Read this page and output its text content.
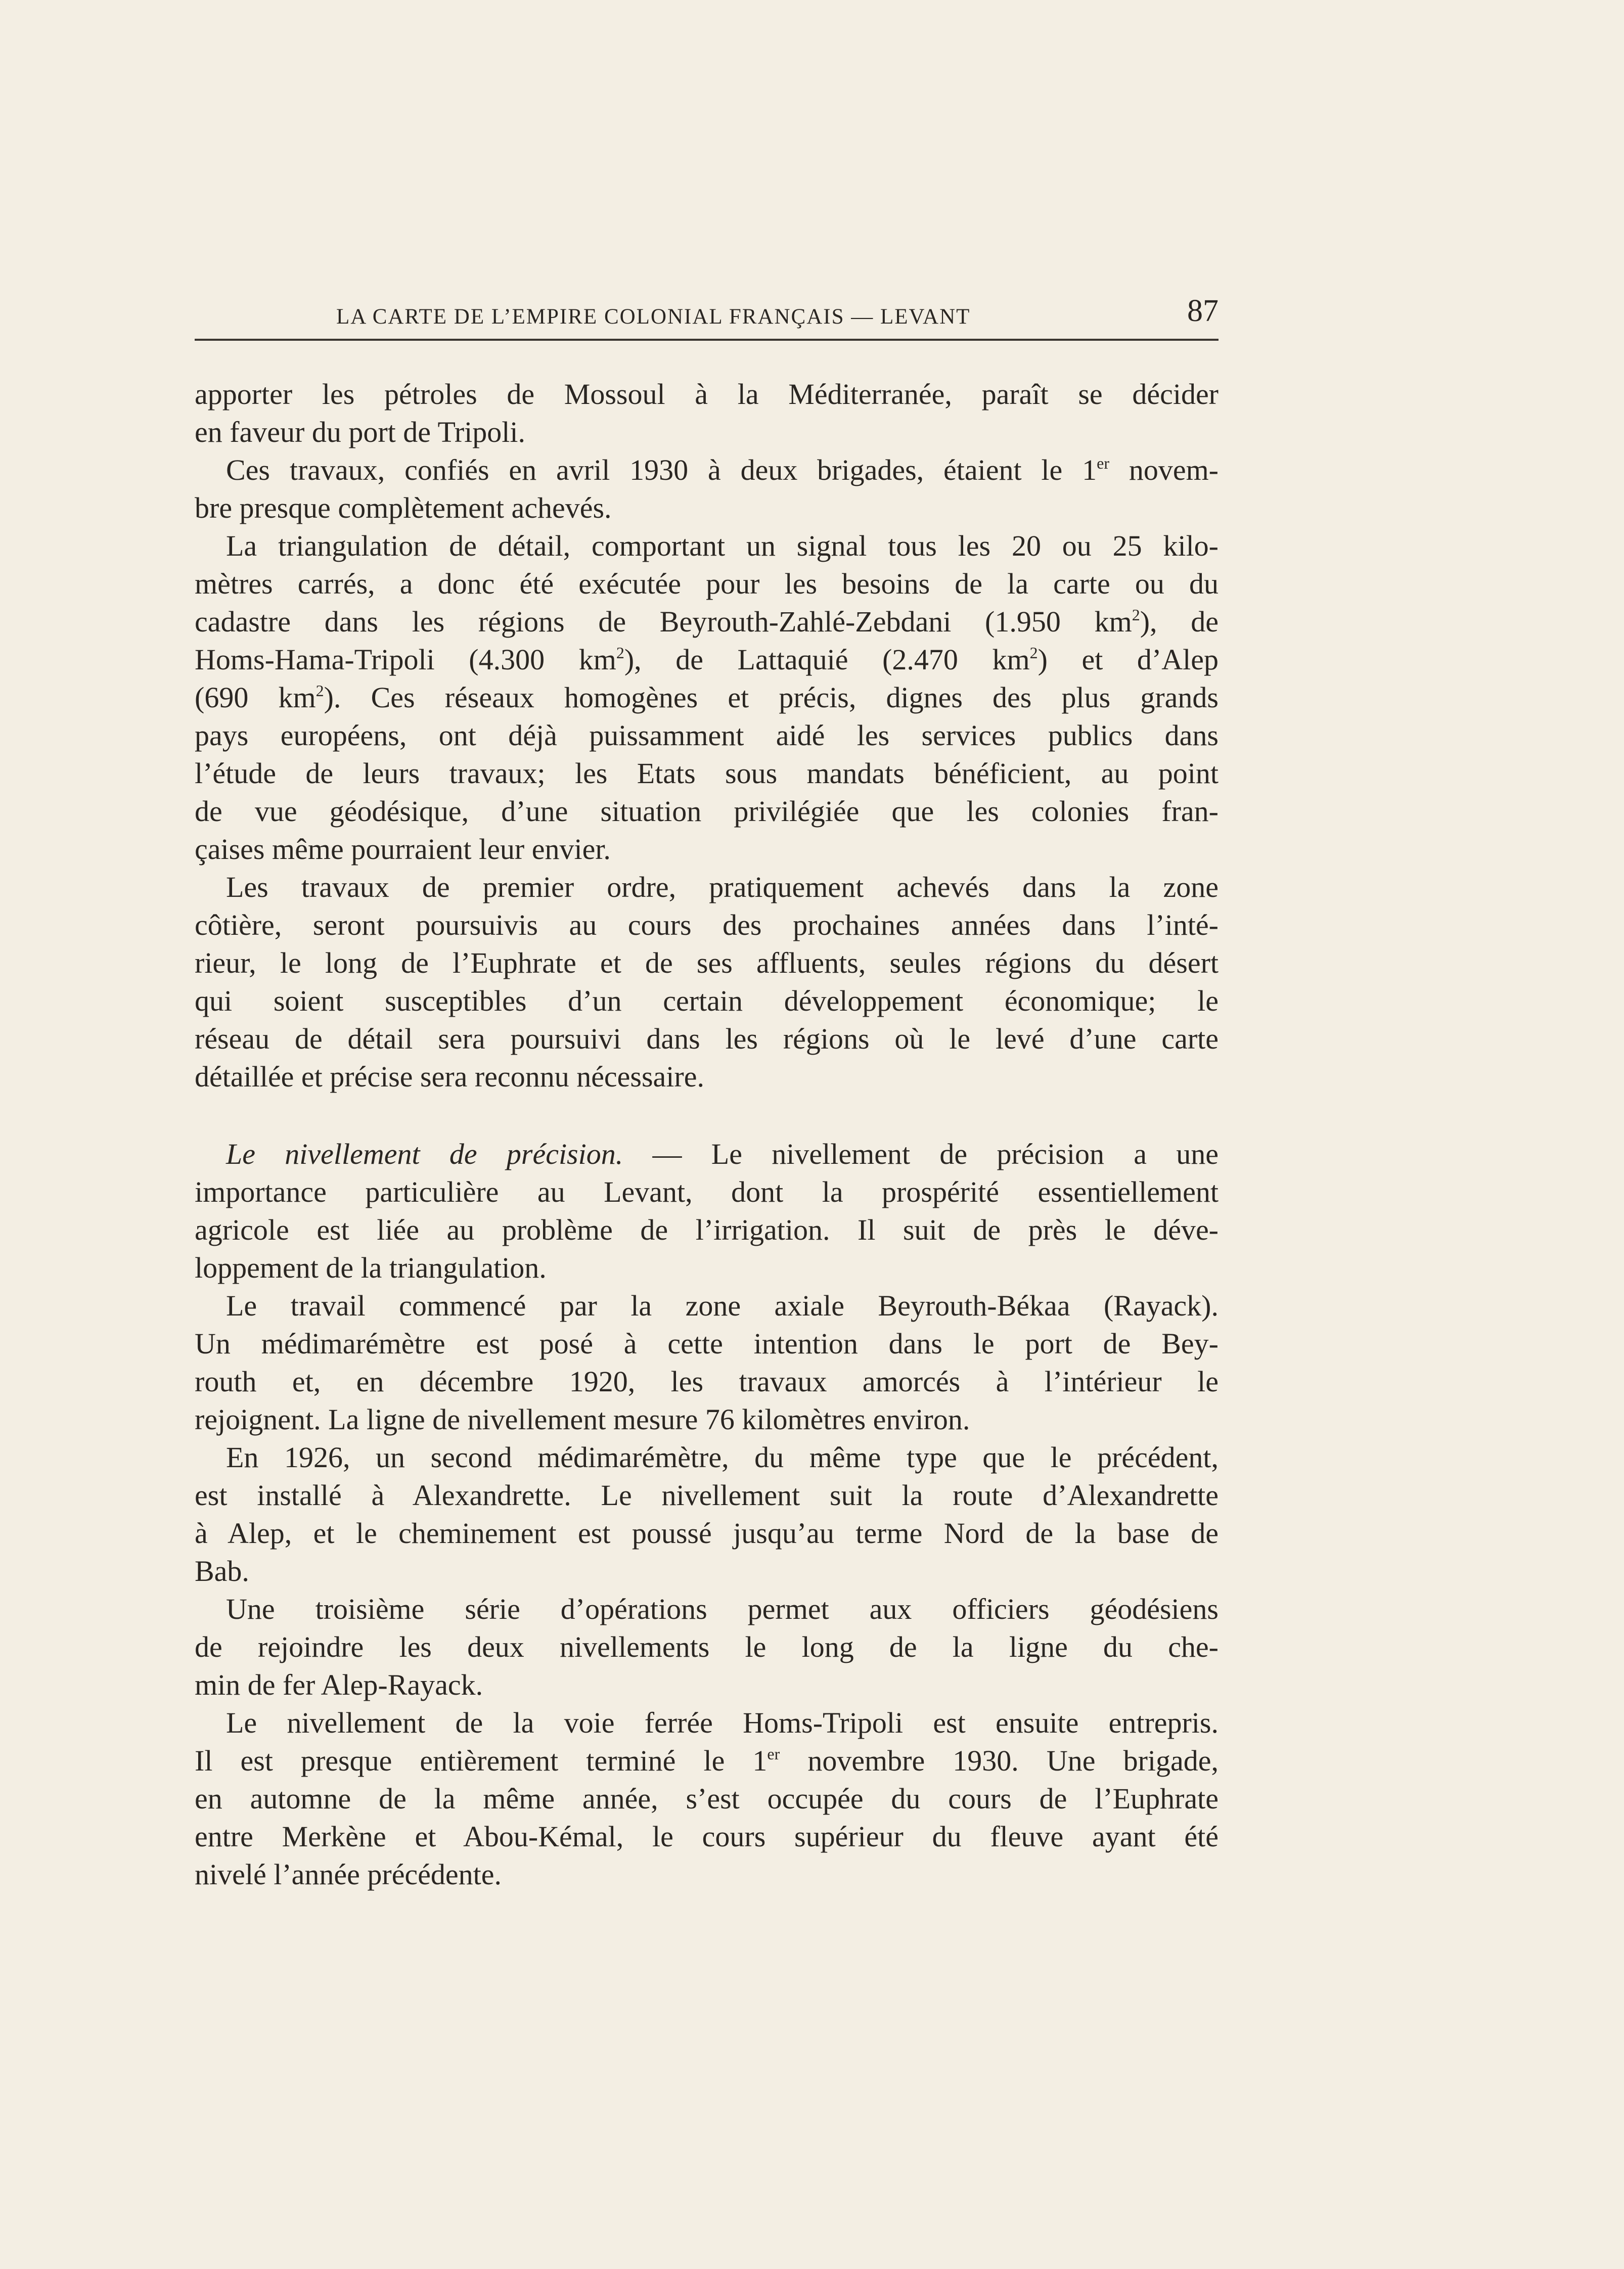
LA CARTE DE L’EMPIRE COLONIAL FRANÇAIS — LEVANT	87
apporter les pétroles de Mossoul à la Méditerranée, paraît se décider
en faveur du port de Tripoli.
Ces travaux, confiés en avril 1930 à deux brigades, étaient le 1er novem-
bre presque complètement achevés.
La triangulation de détail, comportant un signal tous les 20 ou 25 kilo-
mètres carrés, a donc été exécutée pour les besoins de la carte ou du
cadastre dans les régions de Beyrouth-Zahlé-Zebdani (1.950 $km^2$), de
Homs-Hama-Tripoli (4.300 $km^2$), de Lattaquié (2.470 $km^2$) et d’Alep
(690 $km^2$). Ces réseaux homogènes et précis, dignes des plus grands
pays européens, ont déjà puissamment aidé les services publics dans
l’étude de leurs travaux; les Etats sous mandats bénéficient, au point
de vue géodésique, d’une situation privilégiée que les colonies fran-
çaises même pourraient leur envier.
Les travaux de premier ordre, pratiquement achevés dans la zone
côtière, seront poursuivis au cours des prochaines années dans l’inté-
rieur, le long de l’Euphrate et de ses affluents, seules régions du désert
qui soient susceptibles d’un certain développement économique; le
réseau de détail sera poursuivi dans les régions où le levé d’une carte
détaillée et précise sera reconnu nécessaire.
Le nivellement de précision. — Le nivellement de précision a une
importance particulière au Levant, dont la prospérité essentiellement
agricole est liée au problème de l’irrigation. Il suit de près le déve-
loppement de la triangulation.
Le travail commencé par la zone axiale Beyrouth-Békaa (Rayack).
Un médimarémètre est posé à cette intention dans le port de Bey-
routh et, en décembre 1920, les travaux amorcés à l’intérieur le
rejoignent. La ligne de nivellement mesure 76 kilomètres environ.
En 1926, un second médimarémètre, du même type que le précédent,
est installé à Alexandrette. Le nivellement suit la route d’Alexandrette
à Alep, et le cheminement est poussé jusqu’au terme Nord de la base de
Bab.
Une troisième série d’opérations permet aux officiers géodésiens
de rejoindre les deux nivellements le long de la ligne du che-
min de fer Alep-Rayack.
Le nivellement de la voie ferrée Homs-Tripoli est ensuite entrepris.
Il est presque entièrement terminé le 1er novembre 1930. Une brigade,
en automne de la même année, s’est occupée du cours de l’Euphrate
entre Merkène et Abou-Kémal, le cours supérieur du fleuve ayant été
nivelé l’année précédente.
